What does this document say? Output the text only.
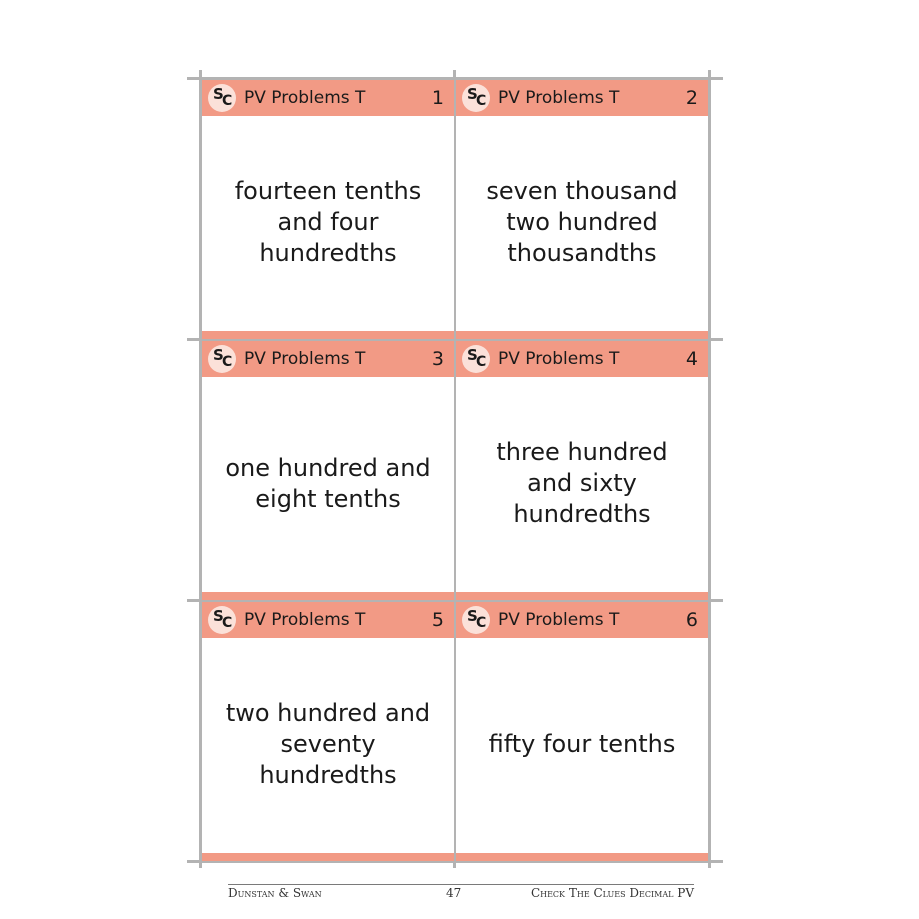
S
C PV Problems T	1
fourteen tenths and four hundredths
S
C PV Problems T	2
seven thousand two hundred thousandths
S
C PV Problems T	3
one hundred and eight tenths
S
C PV Problems T	4
three hundred and sixty hundredths
S
C PV Problems T	5
two hundred and seventy hundredths
S
C PV Problems T	6
fifty four tenths
Dunstan & Swan	47	Check The Clues Decimal PV
